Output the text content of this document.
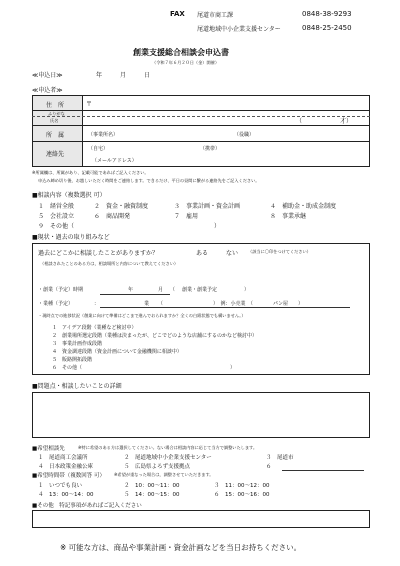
FAX 尾道市商工課	0848-38-9293
尾道地域中小企業支援センター	0848-25-2450
創業支援総合相談会申込書
（令和７年６月２０日（金）開催）
≪申込日≫	年	月	日
≪申込者≫
住　所	〒
ふりがな
氏名	（	才）
所　属	（事業所名）	（役職）
連絡先
（自宅）	（携帯）
（メールアドレス）
※所属欄は、所属があり、記載可能であればご記入ください。
申込み締め切り後、お越しいただく時間をご連絡します。できるだけ、平日の昼間に繋がる連絡先をご記入ください。
■相談内容（複数選択 可）
１　経営全般	２　資金・融資制度	３　事業計画・資金計画	４　補助金・助成金制度
５　会社設立	６　商品開発	７　雇用	８　事業承継
９　その他（	）
■現状・過去の取り組みなど
過去にどこかに相談したことがありますか？	ある	ない （該当に〇印をつけてください）
（相談されたことのある方は，相談場所と内容について教えてください）
・創業（予定）時期	年	月 （ 創業・創業予定	）
・業種（予定）	：	業 （　　　　　　　　　　）　例：小売業　（　　　　パン屋　　）
・現時点での進捗状況（創業に向けて準備はどこまで進んでおられますか？全くの白紙状態でも構いません。）
１　アイデア段階（業種など検討中）
２　創業場所選定段階（業種は決まったが、どこでどのような店舗にするのかなど検討中）
３　事業計画作成段階
４　資金調達段階（資金計画について金融機関に相談中）
５　販路開拓段階
６　その他（	）
■問題点・相談したいことの詳細
■希望相談先	※特に希望のある方は選択してください。ない場合は相談内容に応じて当方で調整いたします。
１　尾道商工会議所	２　尾道地域中小企業支援センター	３　尾道市
４　日本政策金融公庫	５　広島県よろず支援拠点	６　
■希望時間帯（複数回答 可） ※希望が重なった場合は，調整させていただきます。
１　いつでも良い	２　10：00～11：00	３　11：00～12：00
４　13：00～14：00	５　14：00～15：00	６　15：00～16：00
■その他　特記事項があればご記入ください
※ 可能な方は、商品や事業計画・資金計画などを当日お持ちください。
